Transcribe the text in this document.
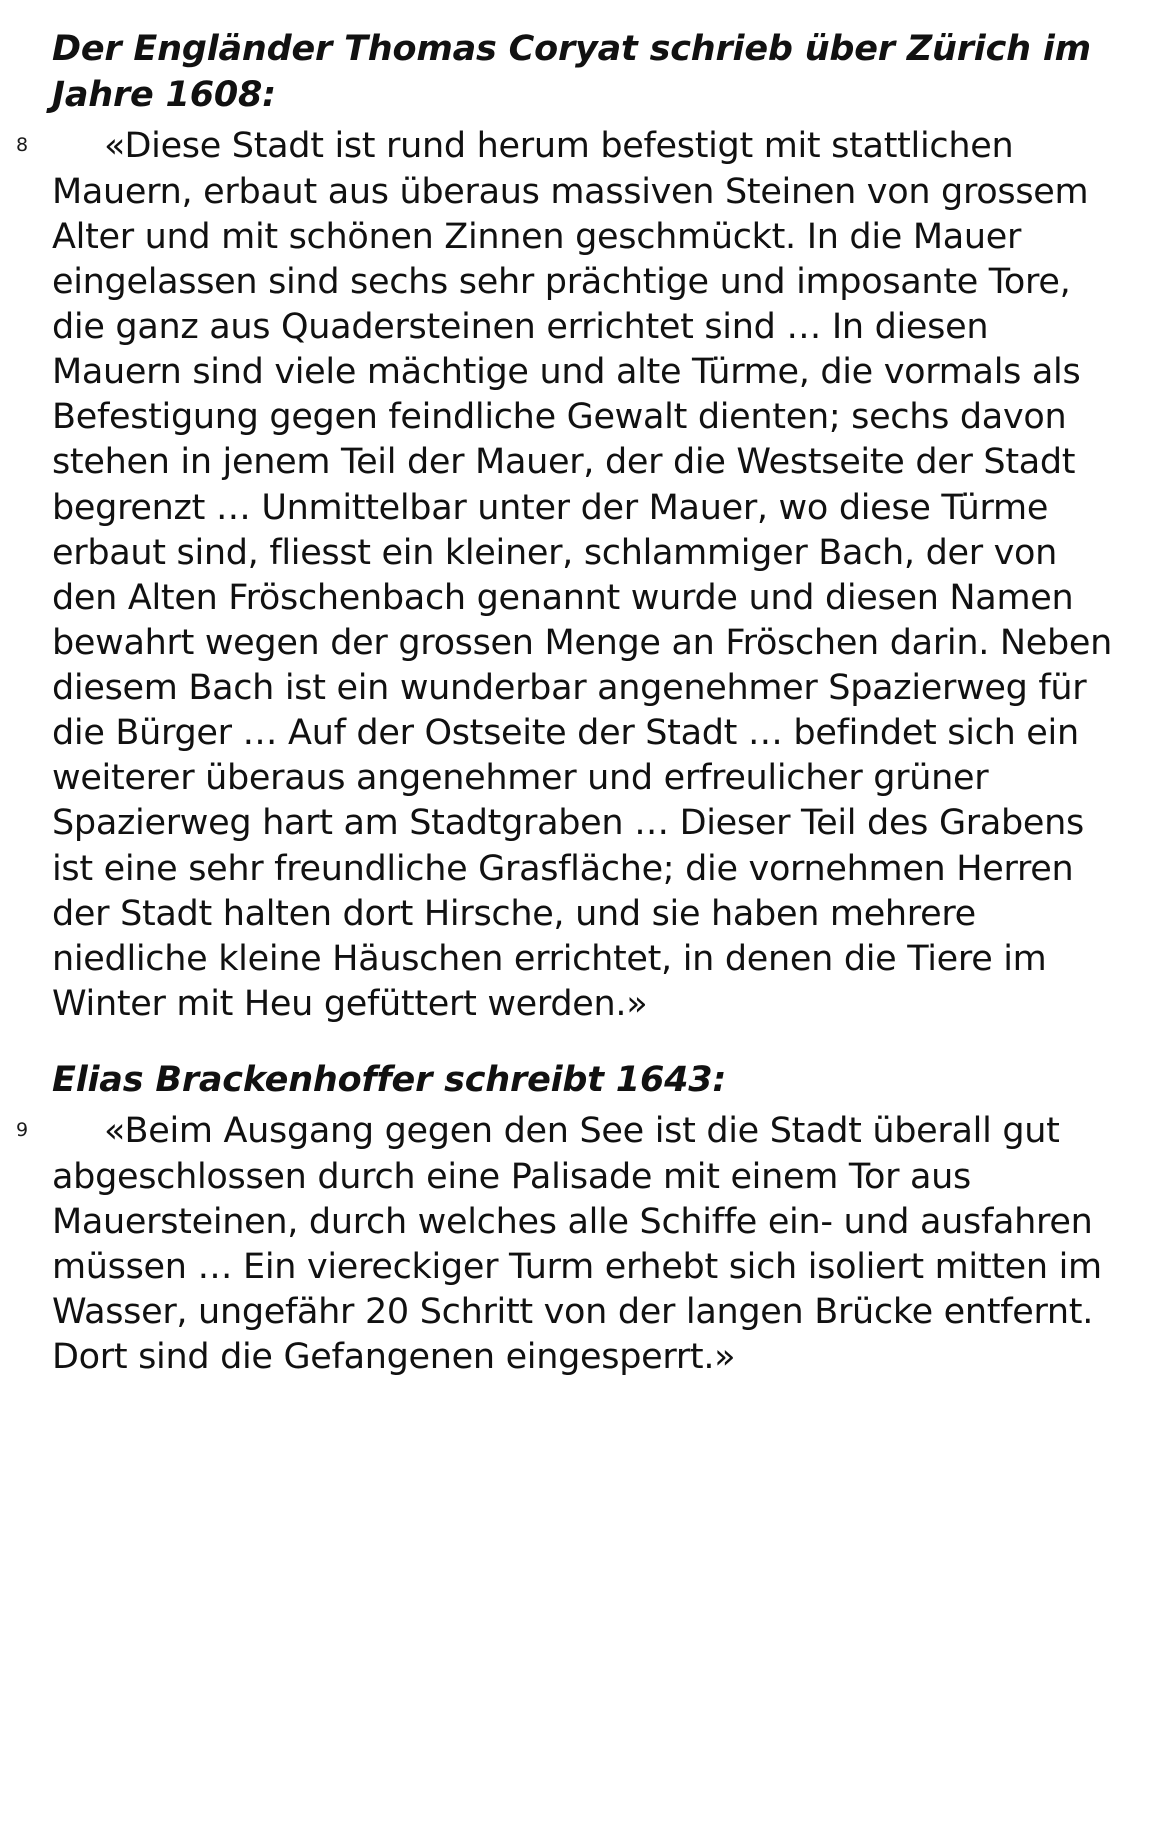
Der Engländer Thomas Coryat schrieb über Zürich im Jahre 1608:

8	«Diese Stadt ist rund herum befestigt mit stattlichen Mauern, erbaut aus überaus massiven Steinen von grossem Alter und mit schönen Zinnen geschmückt. In die Mauer eingelassen sind sechs sehr prächtige und imposante Tore, die ganz aus Quadersteinen errichtet sind … In diesen Mauern sind viele mächtige und alte Türme, die vormals als Befestigung gegen feindliche Gewalt dienten; sechs davon stehen in jenem Teil der Mauer, der die Westseite der Stadt begrenzt … Unmittelbar unter der Mauer, wo diese Türme erbaut sind, fliesst ein kleiner, schlammiger Bach, der von den Alten Fröschenbach genannt wurde und diesen Namen bewahrt wegen der grossen Menge an Fröschen darin. Neben diesem Bach ist ein wunderbar angenehmer Spazierweg für die Bürger … Auf der Ostseite der Stadt … befindet sich ein weiterer überaus angenehmer und erfreulicher grüner Spazierweg hart am Stadtgraben … Dieser Teil des Grabens ist eine sehr freundliche Grasfläche; die vornehmen Herren der Stadt halten dort Hirsche, und sie haben mehrere niedliche kleine Häuschen errichtet, in denen die Tiere im Winter mit Heu gefüttert werden.»

Elias Brackenhoffer schreibt 1643:

9	«Beim Ausgang gegen den See ist die Stadt überall gut abgeschlossen durch eine Palisade mit einem Tor aus Mauersteinen, durch welches alle Schiffe ein- und ausfahren müssen … Ein viereckiger Turm erhebt sich isoliert mitten im Wasser, ungefähr 20 Schritt von der langen Brücke entfernt. Dort sind die Gefangenen eingesperrt.»
